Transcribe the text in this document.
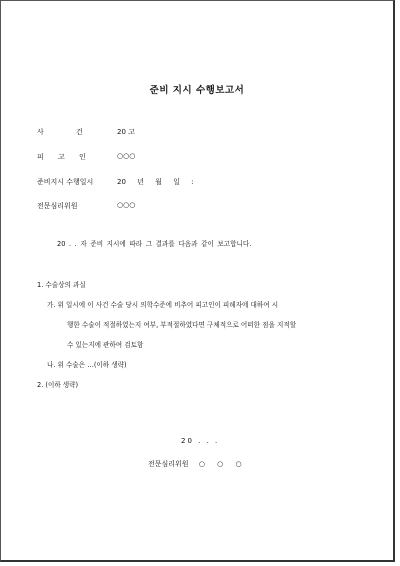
준비 지시 수행보고서
사 건	20 고
피 고 인	○○○
준비지시 수행일시	20 년 월 일 :
전문심리위원	○○○
20 . . 자 준비 지시에 따라 그 결과를 다음과 같이 보고합니다.
1. 수술상의 과실
가. 위 일시에 이 사건 수술 당시 의학수준에 비추어 피고인이 피해자에 대하여 시
행한 수술이 적절하였는지 여부, 부적절하였다면 구체적으로 어떠한 점을 지적할
수 있는지에 관하여 검토함
나. 위 수술은 …(이하 생략)
2. (이하 생략)
20 . . .
전문심리위원 ○ ○ ○
